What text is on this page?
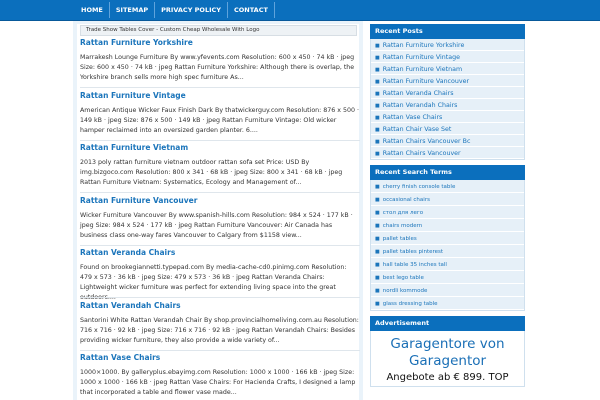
HOME	SITEMAP	PRIVACY POLICY	CONTACT
Trade Show Tables Cover - Custom Cheap Wholesale With Logo
Rattan Furniture Yorkshire
Marrakesh Lounge Furniture By www.yfevents.com Resolution: 600 x 450 · 74 kB · jpeg Size: 600 x 450 · 74 kB · jpeg Rattan Furniture Yorkshire: Although there is overlap, the Yorkshire branch sells more high spec furniture As...
Rattan Furniture Vintage
American Antique Wicker Faux Finish Dark By thatwickerguy.com Resolution: 876 x 500 · 149 kB · jpeg Size: 876 x 500 · 149 kB · jpeg Rattan Furniture Vintage: Old wicker hamper reclaimed into an oversized garden planter. 6....
Rattan Furniture Vietnam
2013 poly rattan furniture vietnam outdoor rattan sofa set Price: USD By img.bizgoco.com Resolution: 800 x 341 · 68 kB · jpeg Size: 800 x 341 · 68 kB · jpeg Rattan Furniture Vietnam: Systematics, Ecology and Management of...
Rattan Furniture Vancouver
Wicker Furniture Vancouver By www.spanish-hills.com Resolution: 984 x 524 · 177 kB · jpeg Size: 984 x 524 · 177 kB · jpeg Rattan Furniture Vancouver: Air Canada has business class one-way fares Vancouver to Calgary from $1158 view...
Rattan Veranda Chairs
Found on brookegiannetti.typepad.com By media-cache-cd0.pinimg.com Resolution: 479 x 573 · 36 kB · jpeg Size: 479 x 573 · 36 kB · jpeg Rattan Veranda Chairs: Lightweight wicker furniture was perfect for extending living space into the great outdoors....
Rattan Verandah Chairs
Santorini White Rattan Verandah Chair By shop.provincialhomeliving.com.au Resolution: 716 x 716 · 92 kB · jpeg Size: 716 x 716 · 92 kB · jpeg Rattan Verandah Chairs: Besides providing wicker furniture, they also provide a wide variety of...
Rattan Vase Chairs
1000×1000. By galleryplus.ebayimg.com Resolution: 1000 x 1000 · 166 kB · jpeg Size: 1000 x 1000 · 166 kB · jpeg Rattan Vase Chairs: For Hacienda Crafts, I designed a lamp that incorporated a table and flower vase made...
Recent Posts
■ Rattan Furniture Yorkshire
■ Rattan Furniture Vintage
■ Rattan Furniture Vietnam
■ Rattan Furniture Vancouver
■ Rattan Veranda Chairs
■ Rattan Verandah Chairs
■ Rattan Vase Chairs
■ Rattan Chair Vase Set
■ Rattan Chairs Vancouver Bc
■ Rattan Chairs Vancouver
Recent Search Terms
■ cherry finish console table
■ occasional chairs
■ стол для лего
■ chairs modern
■ pallet tables
■ pallet tables pinterest
■ hall table 35 inches tall
■ best lego table
■ nordli kommode
■ glass dressing table
Advertisement
Garagentore von Garagentor
Angebote ab € 899. TOP
